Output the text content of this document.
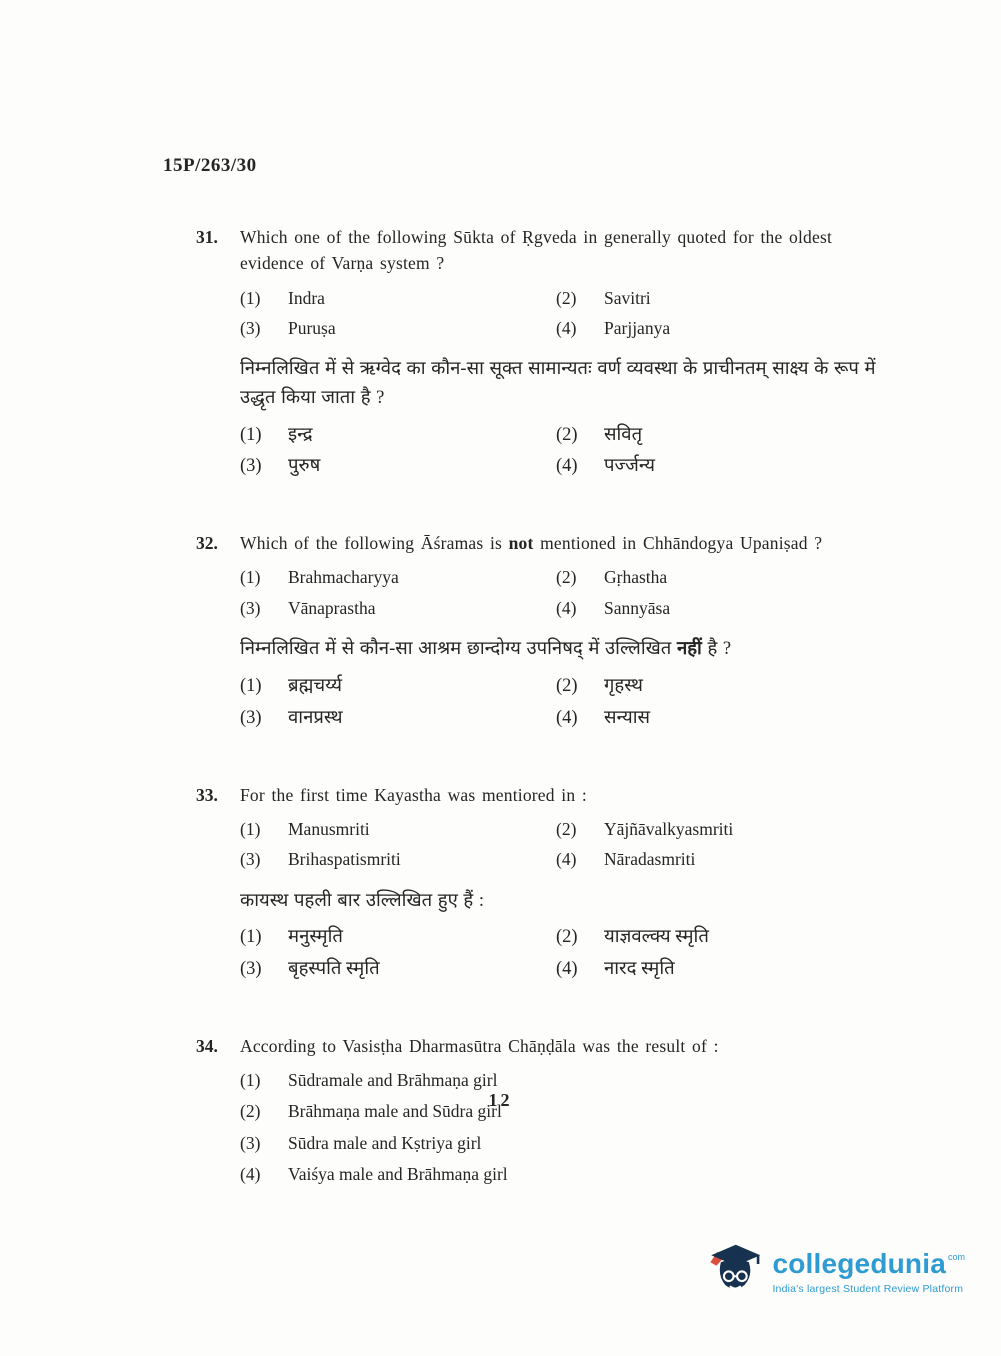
15P/263/30
31.	Which one of the following Sūkta of Ṛgveda in generally quoted for the oldest evidence of Varṇa system ?
(1)	Indra	(2)	Savitri
(3)	Puruṣa	(4)	Parjjanya
निम्नलिखित में से ऋग्वेद का कौन-सा सूक्त सामान्यतः वर्ण व्यवस्था के प्राचीनतम् साक्ष्य के रूप में उद्धृत किया जाता है ?
(1)	इन्द्र	(2)	सवितृ
(3)	पुरुष	(4)	पर्ज्जन्य
32.	Which of the following Āśramas is not mentioned in Chhāndogya Upaniṣad ?
(1)	Brahmacharyya	(2)	Gṛhastha
(3)	Vānaprastha	(4)	Sannyāsa
निम्नलिखित में से कौन-सा आश्रम छान्दोग्य उपनिषद् में उल्लिखित नहीं है ?
(1)	ब्रह्मचर्य्य	(2)	गृहस्थ
(3)	वानप्रस्थ	(4)	सन्यास
33.	For the first time Kayastha was mentiored in :
(1)	Manusmriti	(2)	Yājñāvalkyasmriti
(3)	Brihaspatismriti	(4)	Nāradasmriti
कायस्थ पहली बार उल्लिखित हुए हैं :
(1)	मनुस्मृति	(2)	याज्ञवल्क्य स्मृति
(3)	बृहस्पति स्मृति	(4)	नारद स्मृति
34.	According to Vasisṭha Dharmasūtra Chāṇḍāla was the result of :
(1)	Sūdramale and Brāhmaṇa girl
(2)	Brāhmaṇa male and Sūdra girl
(3)	Sūdra male and Kṣtriya girl
(4)	Vaiśya male and Brāhmaṇa girl
12
collegedunia com
India's largest Student Review Platform
